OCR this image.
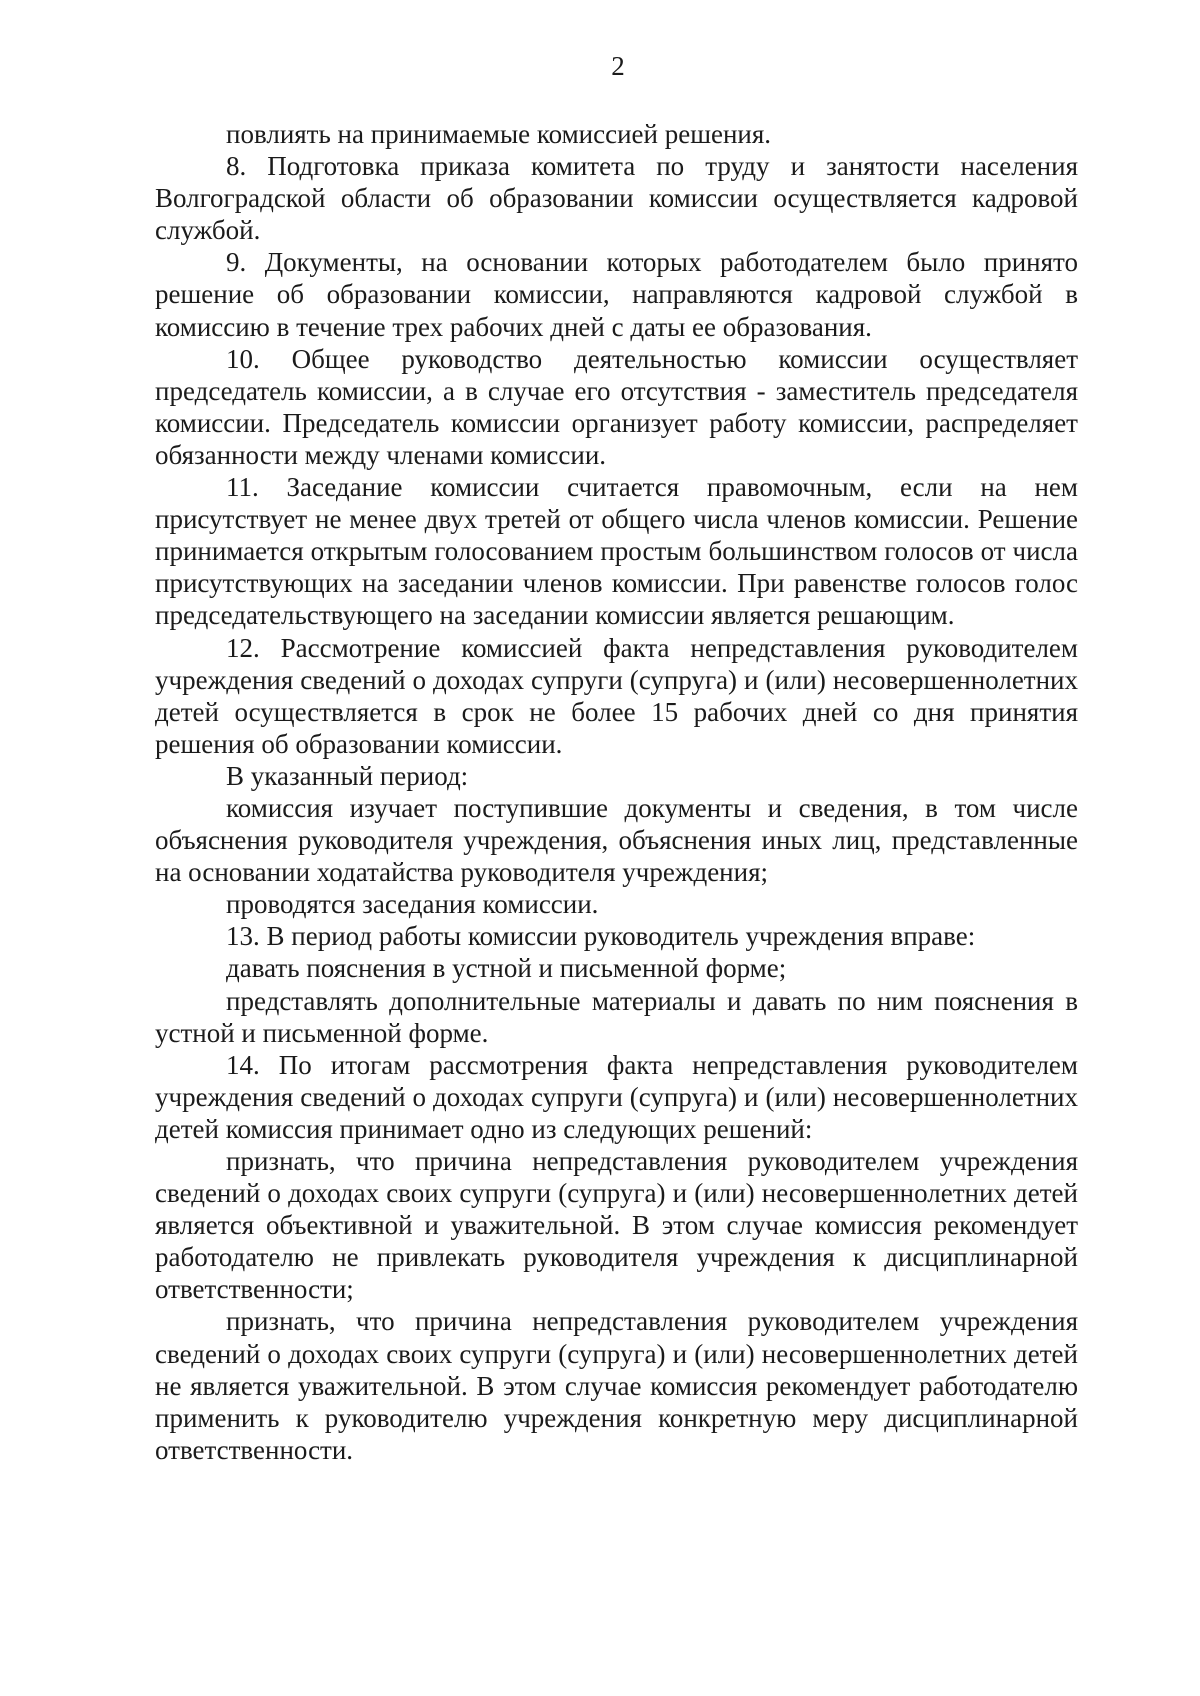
2

повлиять на принимаемые комиссией решения.

8. Подготовка приказа комитета по труду и занятости населения Волгоградской области об образовании комиссии осуществляется кадровой службой.

9. Документы, на основании которых работодателем было принято решение об образовании комиссии, направляются кадровой службой в комиссию в течение трех рабочих дней с даты ее образования.

10. Общее руководство деятельностью комиссии осуществляет председатель комиссии, а в случае его отсутствия - заместитель председателя комиссии. Председатель комиссии организует работу комиссии, распределяет обязанности между членами комиссии.

11. Заседание комиссии считается правомочным, если на нем присутствует не менее двух третей от общего числа членов комиссии. Решение принимается открытым голосованием простым большинством голосов от числа присутствующих на заседании членов комиссии. При равенстве голосов голос председательствующего на заседании комиссии является решающим.

12. Рассмотрение комиссией факта непредставления руководителем учреждения сведений о доходах супруги (супруга) и (или) несовершеннолетних детей осуществляется в срок не более 15 рабочих дней со дня принятия решения об образовании комиссии.

В указанный период:

комиссия изучает поступившие документы и сведения, в том числе объяснения руководителя учреждения, объяснения иных лиц, представленные на основании ходатайства руководителя учреждения;

проводятся заседания комиссии.

13. В период работы комиссии руководитель учреждения вправе:

давать пояснения в устной и письменной форме;

представлять дополнительные материалы и давать по ним пояснения в устной и письменной форме.

14. По итогам рассмотрения факта непредставления руководителем учреждения сведений о доходах супруги (супруга) и (или) несовершеннолетних детей комиссия принимает одно из следующих решений:

признать, что причина непредставления руководителем учреждения сведений о доходах своих супруги (супруга) и (или) несовершеннолетних детей является объективной и уважительной. В этом случае комиссия рекомендует работодателю не привлекать руководителя учреждения к дисциплинарной ответственности;

признать, что причина непредставления руководителем учреждения сведений о доходах своих супруги (супруга) и (или) несовершеннолетних детей не является уважительной. В этом случае комиссия рекомендует работодателю применить к руководителю учреждения конкретную меру дисциплинарной ответственности.
